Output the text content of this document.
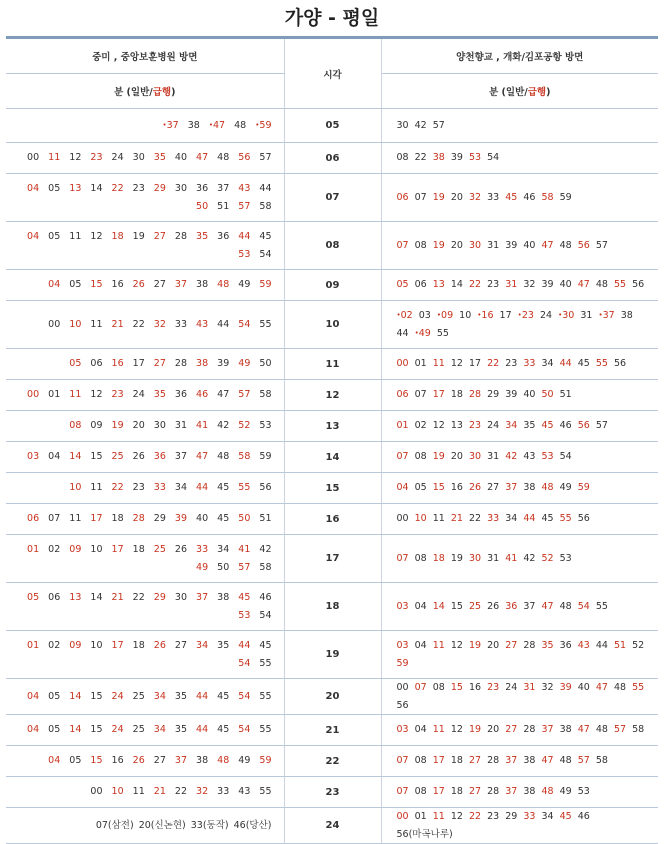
가양 - 평일
중미 , 중앙보훈병원 방면	시각	양천향교 , 개화/김포공항 방면
분 (일반/급행)		분 (일반/급행)
•37 38 •47 48 •59	05	30 42 57
00 11 12 23 24 30 35 40 47 48 56 57	06	08 22 38 39 53 54
04 05 13 14 22 23 29 30 36 37 43 44 50 51 57 58	07	06 07 19 20 32 33 45 46 58 59
04 05 11 12 18 19 27 28 35 36 44 45 53 54	08	07 08 19 20 30 31 39 40 47 48 56 57
04 05 15 16 26 27 37 38 48 49 59	09	05 06 13 14 22 23 31 32 39 40 47 48 55 56
00 10 11 21 22 32 33 43 44 54 55	10	•02 03 •09 10 •16 17 •23 24 •30 31 •37 38 44 •49 55
05 06 16 17 27 28 38 39 49 50	11	00 01 11 12 17 22 23 33 34 44 45 55 56
00 01 11 12 23 24 35 36 46 47 57 58	12	06 07 17 18 28 29 39 40 50 51
08 09 19 20 30 31 41 42 52 53	13	01 02 12 13 23 24 34 35 45 46 56 57
03 04 14 15 25 26 36 37 47 48 58 59	14	07 08 19 20 30 31 42 43 53 54
10 11 22 23 33 34 44 45 55 56	15	04 05 15 16 26 27 37 38 48 49 59
06 07 11 17 18 28 29 39 40 45 50 51	16	00 10 11 21 22 33 34 44 45 55 56
01 02 09 10 17 18 25 26 33 34 41 42 49 50 57 58	17	07 08 18 19 30 31 41 42 52 53
05 06 13 14 21 22 29 30 37 38 45 46 53 54	18	03 04 14 15 25 26 36 37 47 48 54 55
01 02 09 10 17 18 26 27 34 35 44 45 54 55	19	03 04 11 12 19 20 27 28 35 36 43 44 51 52 59
04 05 14 15 24 25 34 35 44 45 54 55	20	00 07 08 15 16 23 24 31 32 39 40 47 48 55 56
04 05 14 15 24 25 34 35 44 45 54 55	21	03 04 11 12 19 20 27 28 37 38 47 48 57 58
04 05 15 16 26 27 37 38 48 49 59	22	07 08 17 18 27 28 37 38 47 48 57 58
00 10 11 21 22 32 33 43 55	23	07 08 17 18 27 28 37 38 48 49 53
07(삼전) 20(신논현) 33(동작) 46(당산)	24	00 01 11 12 22 23 29 33 34 45 46 56(마곡나루)
